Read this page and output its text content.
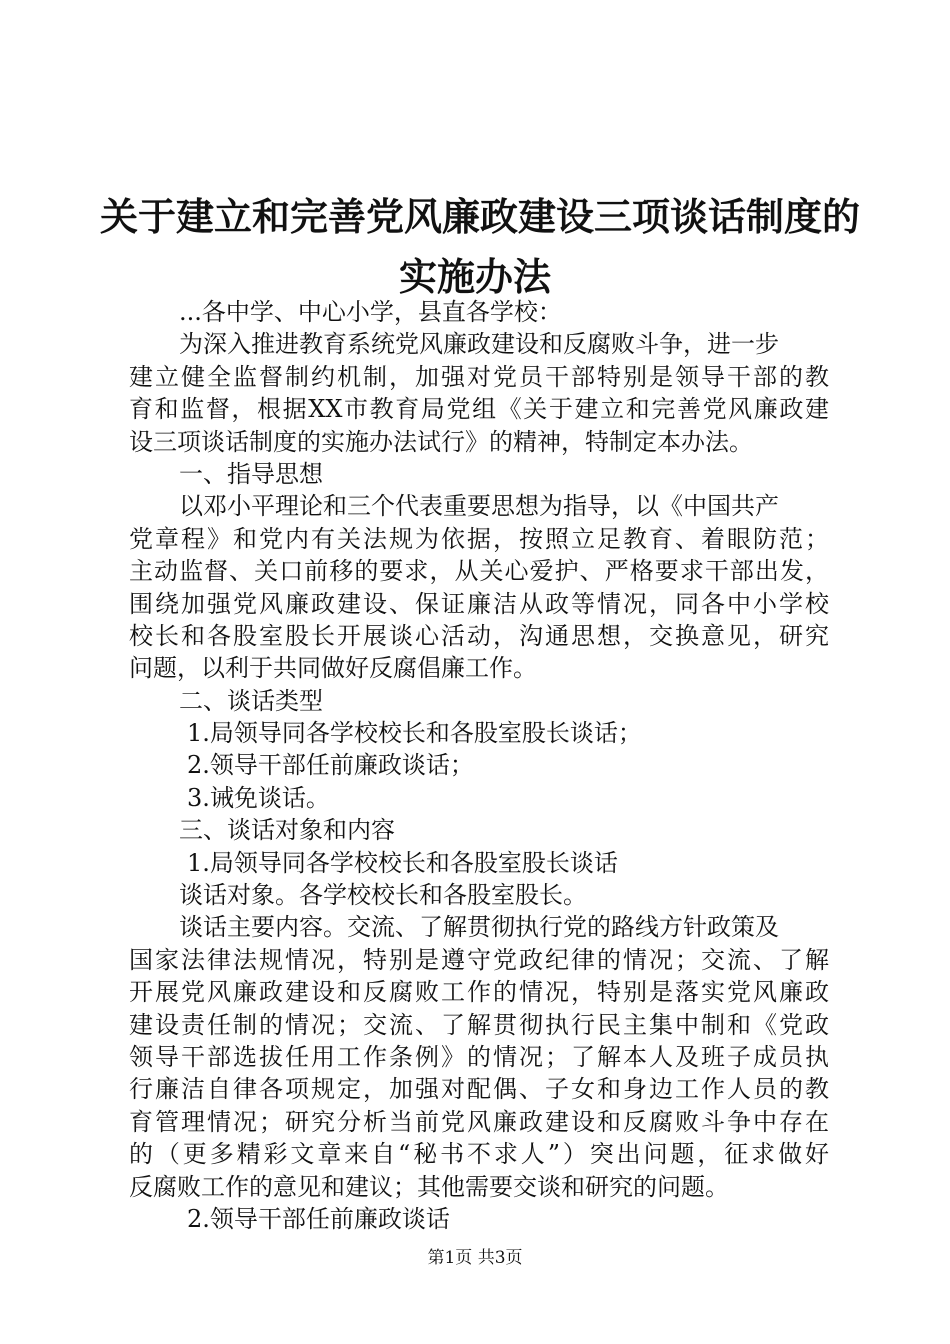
关于建立和完善党风廉政建设三项谈话制度的
实施办法
...各中学、中心小学，县直各学校：
为深入推进教育系统党风廉政建设和反腐败斗争，进一步
建立健全监督制约机制，加强对党员干部特别是领导干部的教
育和监督，根据XX市教育局党组《关于建立和完善党风廉政建
设三项谈话制度的实施办法试行》的精神，特制定本办法。
一、指导思想
以邓小平理论和三个代表重要思想为指导，以《中国共产
党章程》和党内有关法规为依据，按照立足教育、着眼防范；
主动监督、关口前移的要求，从关心爱护、严格要求干部出发，
围绕加强党风廉政建设、保证廉洁从政等情况，同各中小学校
校长和各股室股长开展谈心活动，沟通思想，交换意见，研究
问题，以利于共同做好反腐倡廉工作。
二、谈话类型
1.局领导同各学校校长和各股室股长谈话；
2.领导干部任前廉政谈话；
3.诫免谈话。
三、谈话对象和内容
1.局领导同各学校校长和各股室股长谈话
谈话对象。各学校校长和各股室股长。
谈话主要内容。交流、了解贯彻执行党的路线方针政策及
国家法律法规情况，特别是遵守党政纪律的情况；交流、了解
开展党风廉政建设和反腐败工作的情况，特别是落实党风廉政
建设责任制的情况；交流、了解贯彻执行民主集中制和《党政
领导干部选拔任用工作条例》的情况；了解本人及班子成员执
行廉洁自律各项规定，加强对配偶、子女和身边工作人员的教
育管理情况；研究分析当前党风廉政建设和反腐败斗争中存在
的（更多精彩文章来自“秘书不求人”）突出问题，征求做好
反腐败工作的意见和建议；其他需要交谈和研究的问题。
2.领导干部任前廉政谈话
第1页 共3页
